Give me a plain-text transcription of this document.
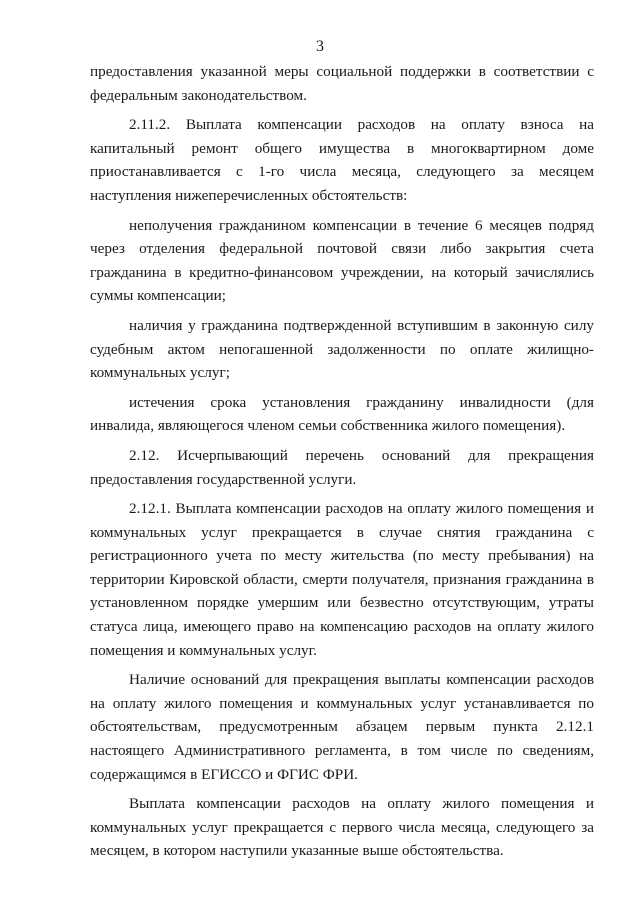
3

предоставления указанной меры социальной поддержки в соответствии с федеральным законодательством.

2.11.2. Выплата компенсации расходов на оплату взноса на капитальный ремонт общего имущества в многоквартирном доме приостанавливается с 1-го числа месяца, следующего за месяцем наступления нижеперечисленных обстоятельств:

неполучения гражданином компенсации в течение 6 месяцев подряд через отделения федеральной почтовой связи либо закрытия счета гражданина в кредитно-финансовом учреждении, на который зачислялись суммы компенсации;

наличия у гражданина подтвержденной вступившим в законную силу судебным актом непогашенной задолженности по оплате жилищно-коммунальных услуг;

истечения срока установления гражданину инвалидности (для инвалида, являющегося членом семьи собственника жилого помещения).

2.12. Исчерпывающий перечень оснований для прекращения предоставления государственной услуги.

2.12.1. Выплата компенсации расходов на оплату жилого помещения и коммунальных услуг прекращается в случае снятия гражданина с регистрационного учета по месту жительства (по месту пребывания) на территории Кировской области, смерти получателя, признания гражданина в установленном порядке умершим или безвестно отсутствующим, утраты статуса лица, имеющего право на компенсацию расходов на оплату жилого помещения и коммунальных услуг.

Наличие оснований для прекращения выплаты компенсации расходов на оплату жилого помещения и коммунальных услуг устанавливается по обстоятельствам, предусмотренным абзацем первым пункта 2.12.1 настоящего Административного регламента, в том числе по сведениям, содержащимся в ЕГИССО и ФГИС ФРИ.

Выплата компенсации расходов на оплату жилого помещения и коммунальных услуг прекращается с первого числа месяца, следующего за месяцем, в котором наступили указанные выше обстоятельства.
